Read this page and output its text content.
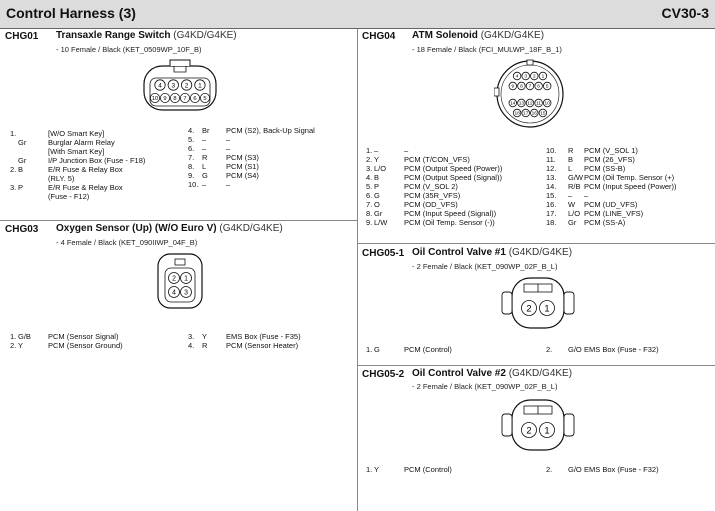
Control Harness (3)	CV30-3
CHG01 Transaxle Range Switch (G4KD/G4KE)
- 10 Female / Black (KET_0509WP_10F_B)
4 3 2 1
10 9 8 7 6 5
1.	[W/O Smart Key]
Gr	Burglar Alarm Relay
[With Smart Key]
Gr	I/P Junction Box (Fuse - F18)
2. B	E/R Fuse & Relay Box
(RLY. 5)
3. P	E/R Fuse & Relay Box
(Fuse - F12)
4. Br PCM (S2), Back-Up Signal
5. –	–
6. –	–
7. R PCM (S3)
8. L	PCM (S1)
9. G PCM (S4)
10. –	–
CHG03 Oxygen Sensor (Up) (W/O Euro V) (G4KD/G4KE)
- 4 Female / Black (KET_090IIWP_04F_B)
2 1
4 3
1. G/B PCM (Sensor Signal)
2. Y	PCM (Sensor Ground)
3. Y	EMS Box (Fuse - F35)
4. R PCM (Sensor Heater)
CHG04 ATM Solenoid (G4KD/G4KE)
- 18 Female / Black (FCI_MULWP_18F_B_1)
4 3 2 1
9 8 7 6 5
14 13 12 11 10
18 17 16 15
1. –	–
2. Y	PCM (T/CON_VFS)
3. L/O PCM (Output Speed (Power))
4. B	PCM (Output Speed (Signal))
5. P	PCM (V_SOL 2)
6. G	PCM (35R_VFS)
7. O	PCM (OD_VFS)
8. Gr	PCM (Input Speed (Signal))
9. L/W PCM (Oil Temp. Sensor (-))
10. R PCM (V_SOL 1)
11. B PCM (26_VFS)
12. L PCM (SS-B)
13. G/W PCM (Oil Temp. Sensor (+)
14. R/B PCM (Input Speed (Power))
15. – –
16. W PCM (UD_VFS)
17. L/O PCM (LINE_VFS)
18. Gr PCM (SS-A)
CHG05-1 Oil Control Valve #1 (G4KD/G4KE)
- 2 Female / Black (KET_090WP_02F_B_L)
2 1
1. G	PCM (Control)	2. G/O EMS Box (Fuse - F32)
CHG05-2 Oil Control Valve #2 (G4KD/G4KE)
- 2 Female / Black (KET_090WP_02F_B_L)
2 1
1. Y	PCM (Control)	2. G/O EMS Box (Fuse - F32)
